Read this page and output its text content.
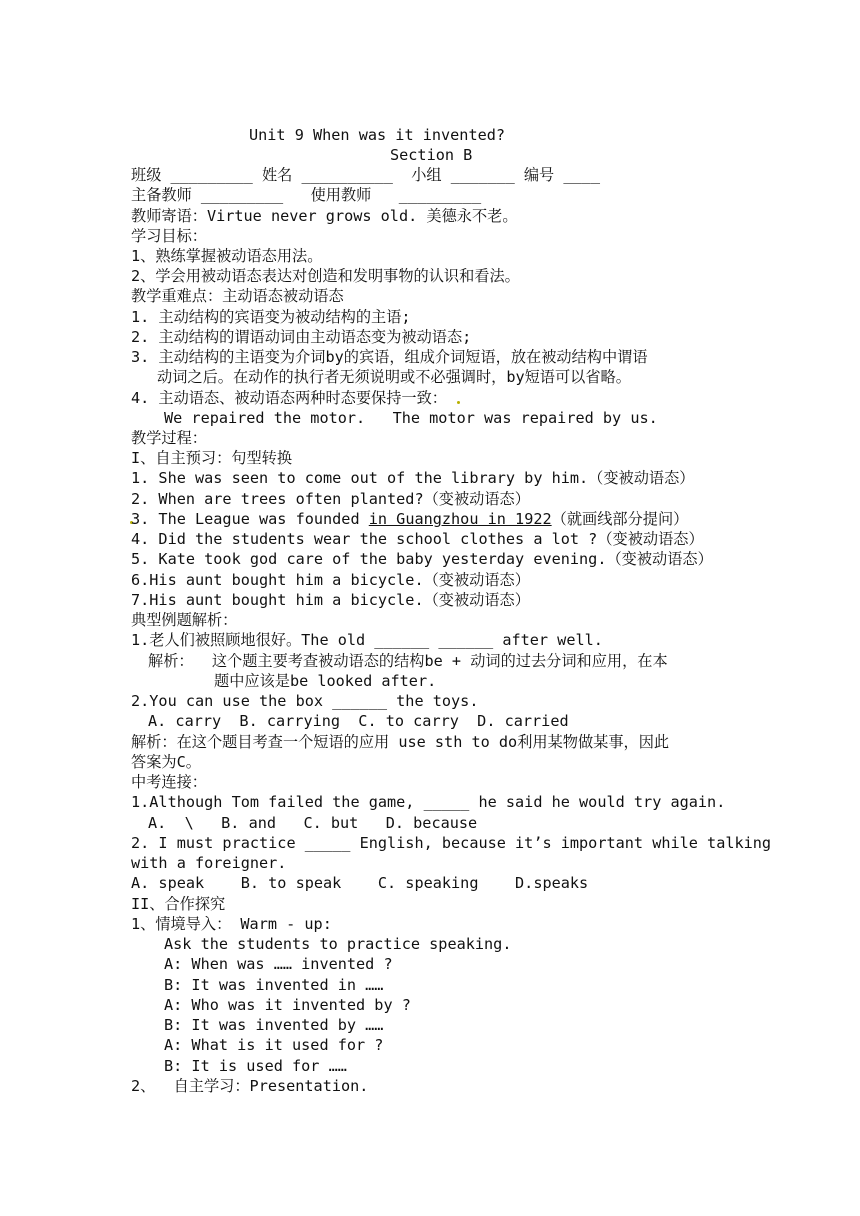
Unit 9 When was it invented?
Section B
班级 _________ 姓名 __________  小组 _______ 编号 ____
主备教师 _________   使用教师   _________
教师寄语：Virtue never grows old. 美德永不老。
学习目标：
1、熟练掌握被动语态用法。
2、学会用被动语态表达对创造和发明事物的认识和看法。
教学重难点：主动语态被动语态
1. 主动结构的宾语变为被动结构的主语;
2. 主动结构的谓语动词由主动语态变为被动语态;
3. 主动结构的主语变为介词by的宾语，组成介词短语，放在被动结构中谓语
动词之后。在动作的执行者无须说明或不必强调时，by短语可以省略。
4. 主动语态、被动语态两种时态要保持一致：
We repaired the motor.   The motor was repaired by us.
教学过程：
I、自主预习：句型转换
1. She was seen to come out of the library by him.（变被动语态）
2. When are trees often planted?（变被动语态）
3. The League was founded in Guangzhou in 1922（就画线部分提问）
4. Did the students wear the school clothes a lot ?（变被动语态）
5. Kate took god care of the baby yesterday evening.（变被动语态）
6.His aunt bought him a bicycle.（变被动语态）
7.His aunt bought him a bicycle.（变被动语态）
典型例题解析：
1.老人们被照顾地很好。The old ______ ______ after well.
解析：  这个题主要考查被动语态的结构be + 动词的过去分词和应用，在本
题中应该是be looked after.
2.You can use the box ______ the toys.
A. carry  B. carrying  C. to carry  D. carried
解析：在这个题目考查一个短语的应用 use sth to do利用某物做某事，因此
答案为C。
中考连接：
1.Although Tom failed the game, _____ he said he would try again.
A.  \   B. and   C. but   D. because
2. I must practice _____ English, because it’s important while talking
with a foreigner.
A. speak    B. to speak    C. speaking    D.speaks
II、合作探究
1、情境导入： Warm - up:
Ask the students to practice speaking.
A: When was …… invented ?
B: It was invented in ……
A: Who was it invented by ?
B: It was invented by ……
A: What is it used for ?
B: It is used for ……
2、  自主学习：Presentation.
